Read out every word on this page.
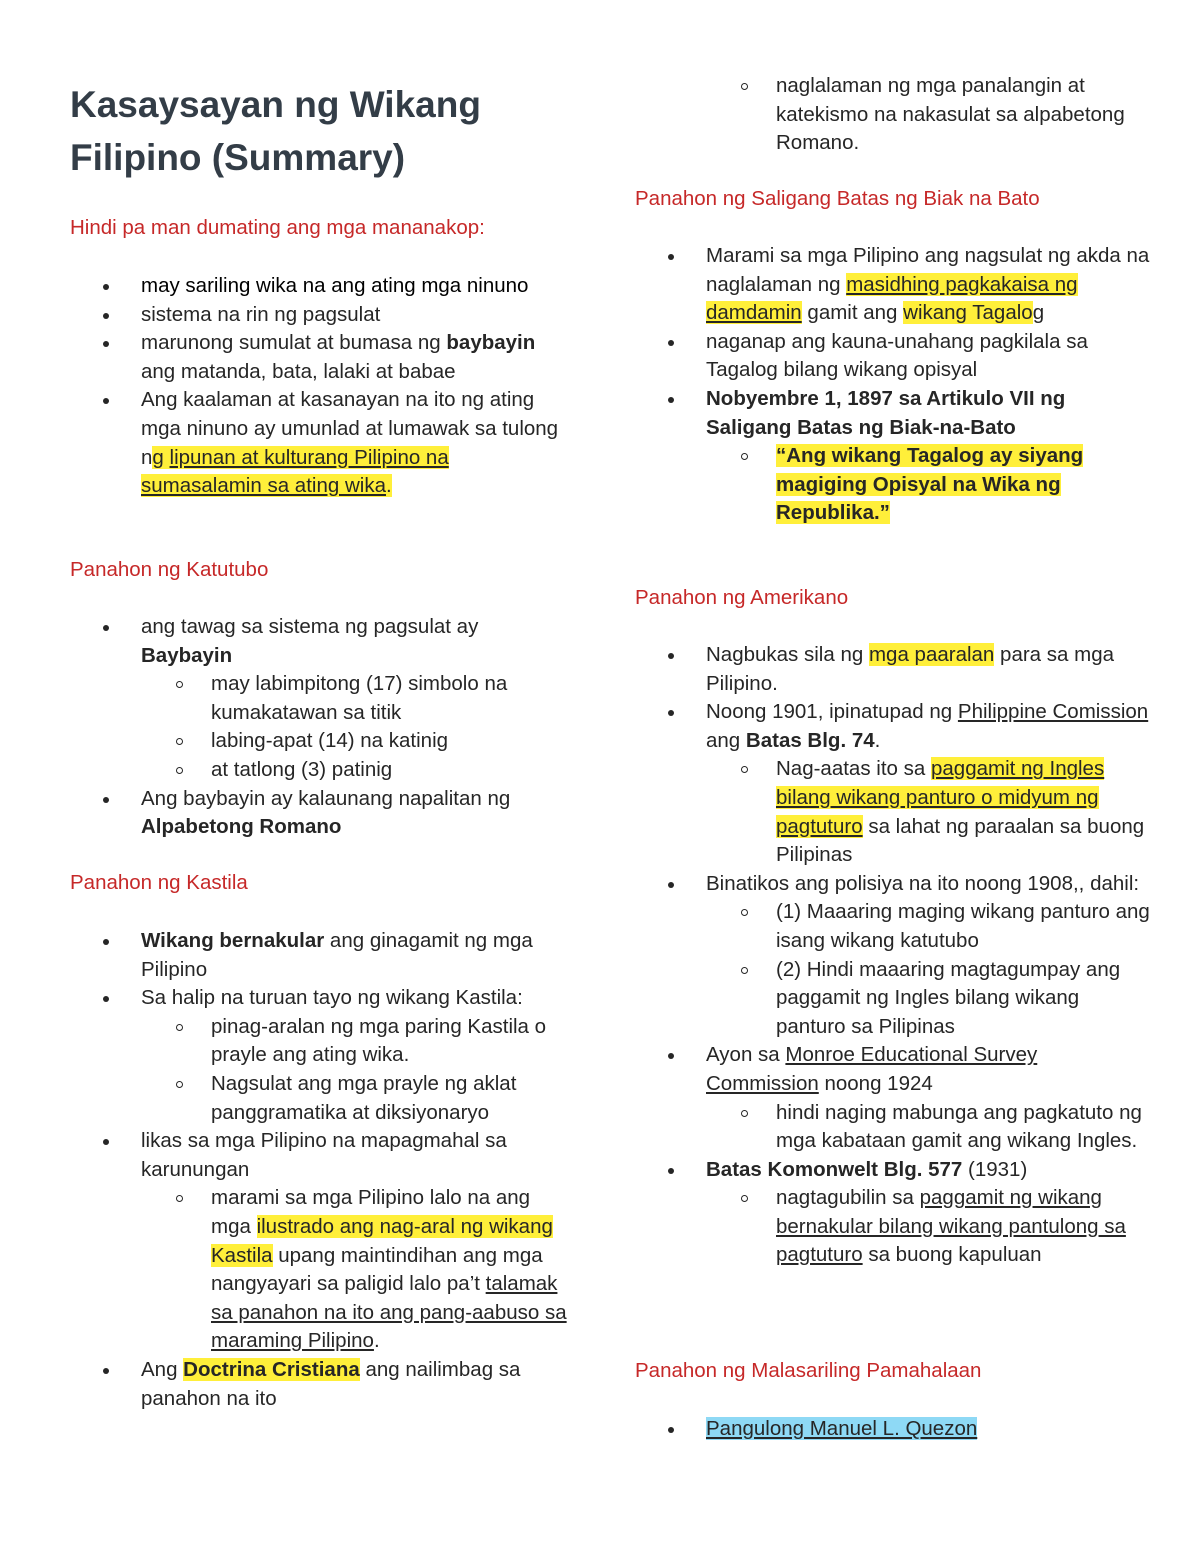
Kasaysayan ng Wikang Filipino (Summary)
Hindi pa man dumating ang mga mananakop:
may sariling wika na ang ating mga ninuno
sistema na rin ng pagsulat
marunong sumulat at bumasa ng baybayin ang matanda, bata, lalaki at babae
Ang kaalaman at kasanayan na ito ng ating mga ninuno ay umunlad at lumawak sa tulong ng lipunan at kulturang Pilipino na sumasalamin sa ating wika.
Panahon ng Katutubo
ang tawag sa sistema ng pagsulat ay Baybayin
may labimpitong (17) simbolo na kumakatawan sa titik
labing-apat (14) na katinig
at tatlong (3) patinig
Ang baybayin ay kalaunang napalitan ng Alpabetong Romano
Panahon ng Kastila
Wikang bernakular ang ginagamit ng mga Pilipino
Sa halip na turuan tayo ng wikang Kastila:
pinag-aralan ng mga paring Kastila o prayle ang ating wika.
Nagsulat ang mga prayle ng aklat panggramatika at diksiyonaryo
likas sa mga Pilipino na mapagmahal sa karunungan
marami sa mga Pilipino lalo na ang mga ilustrado ang nag-aral ng wikang Kastila upang maintindihan ang mga nangyayari sa paligid lalo pa’t talamak sa panahon na ito ang pang-aabuso sa maraming Pilipino.
Ang Doctrina Cristiana ang nailimbag sa panahon na ito
naglalaman ng mga panalangin at katekismo na nakasulat sa alpabetong Romano.
Panahon ng Saligang Batas ng Biak na Bato
Marami sa mga Pilipino ang nagsulat ng akda na naglalaman ng masidhing pagkakaisa ng damdamin gamit ang wikang Tagalog
naganap ang kauna-unahang pagkilala sa Tagalog bilang wikang opisyal
Nobyembre 1, 1897 sa Artikulo VII ng Saligang Batas ng Biak-na-Bato
“Ang wikang Tagalog ay siyang magiging Opisyal na Wika ng Republika.”
Panahon ng Amerikano
Nagbukas sila ng mga paaralan para sa mga Pilipino.
Noong 1901, ipinatupad ng Philippine Comission ang Batas Blg. 74.
Nag-aatas ito sa paggamit ng Ingles bilang wikang panturo o midyum ng pagtuturo sa lahat ng paraalan sa buong Pilipinas
Binatikos ang polisiya na ito noong 1908,, dahil:
(1) Maaaring maging wikang panturo ang isang wikang katutubo
(2) Hindi maaaring magtagumpay ang paggamit ng Ingles bilang wikang panturo sa Pilipinas
Ayon sa Monroe Educational Survey Commission noong 1924
hindi naging mabunga ang pagkatuto ng mga kabataan gamit ang wikang Ingles.
Batas Komonwelt Blg. 577 (1931)
nagtagubilin sa paggamit ng wikang bernakular bilang wikang pantulong sa pagtuturo sa buong kapuluan
Panahon ng Malasariling Pamahalaan
Pangulong Manuel L. Quezon
